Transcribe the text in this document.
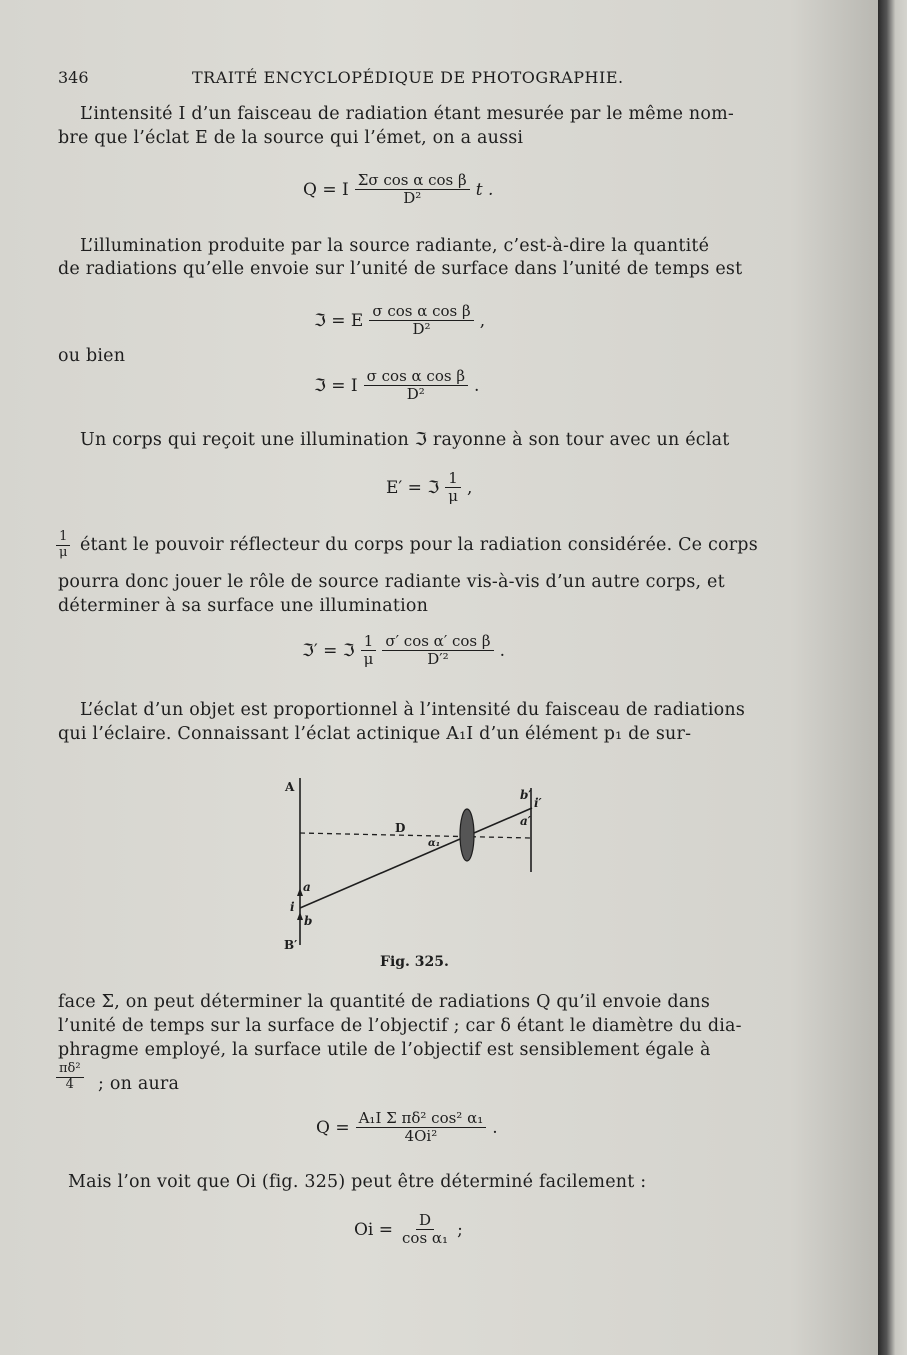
346	TRAITÉ ENCYCLOPÉDIQUE DE PHOTOGRAPHIE.
L’intensité I d’un faisceau de radiation étant mesurée par le même nom-
bre que l’éclat E de la source qui l’émet, on a aussi
Q = I $\frac{\text{Σσ cos α cos β}}{\text{D²}}$ t .
L’illumination produite par la source radiante, c’est-à-dire la quantité
de radiations qu’elle envoie sur l’unité de surface dans l’unité de temps est
ℑ = E $\frac{\text{σ cos α cos β}}{\text{D²}}$ ,
ou bien
ℑ = I $\frac{\text{σ cos α cos β}}{\text{D²}}$ .
Un corps qui reçoit une illumination ℑ rayonne à son tour avec un éclat
E′ = ℑ $\frac{1}{\mu}$ ,
$\frac{1}{\mu}$ étant le pouvoir réflecteur du corps pour la radiation considérée. Ce corps
pourra donc jouer le rôle de source radiante vis-à-vis d’un autre corps, et
déterminer à sa surface une illumination
ℑ′ = ℑ $\frac{1}{\mu} \frac{\text{σ′ cos α′ cos β}}{\text{D′²}}$ .
L’éclat d’un objet est proportionnel à l’intensité du faisceau de radiations
qui l’éclaire. Connaissant l’éclat actinique A₁I d’un élément p₁ de sur-
A
B′
D
a
i
b
b′
i′
a′
α₁
Fig. 325.
face Σ, on peut déterminer la quantité de radiations Q qu’il envoie dans
l’unité de temps sur la surface de l’objectif ; car δ étant le diamètre du dia-
phragme employé, la surface utile de l’objectif est sensiblement égale à
$\frac{\text{πδ²}}{4}$ ; on aura
$Q = \frac{\text{A₁I Σ πδ² cos² α₁}}{\text{4Oi²}}$ .
Mais l’on voit que Oi (fig. 325) peut être déterminé facilement :
$Oi = \frac{D}{\text{cos α₁}}$ ;
